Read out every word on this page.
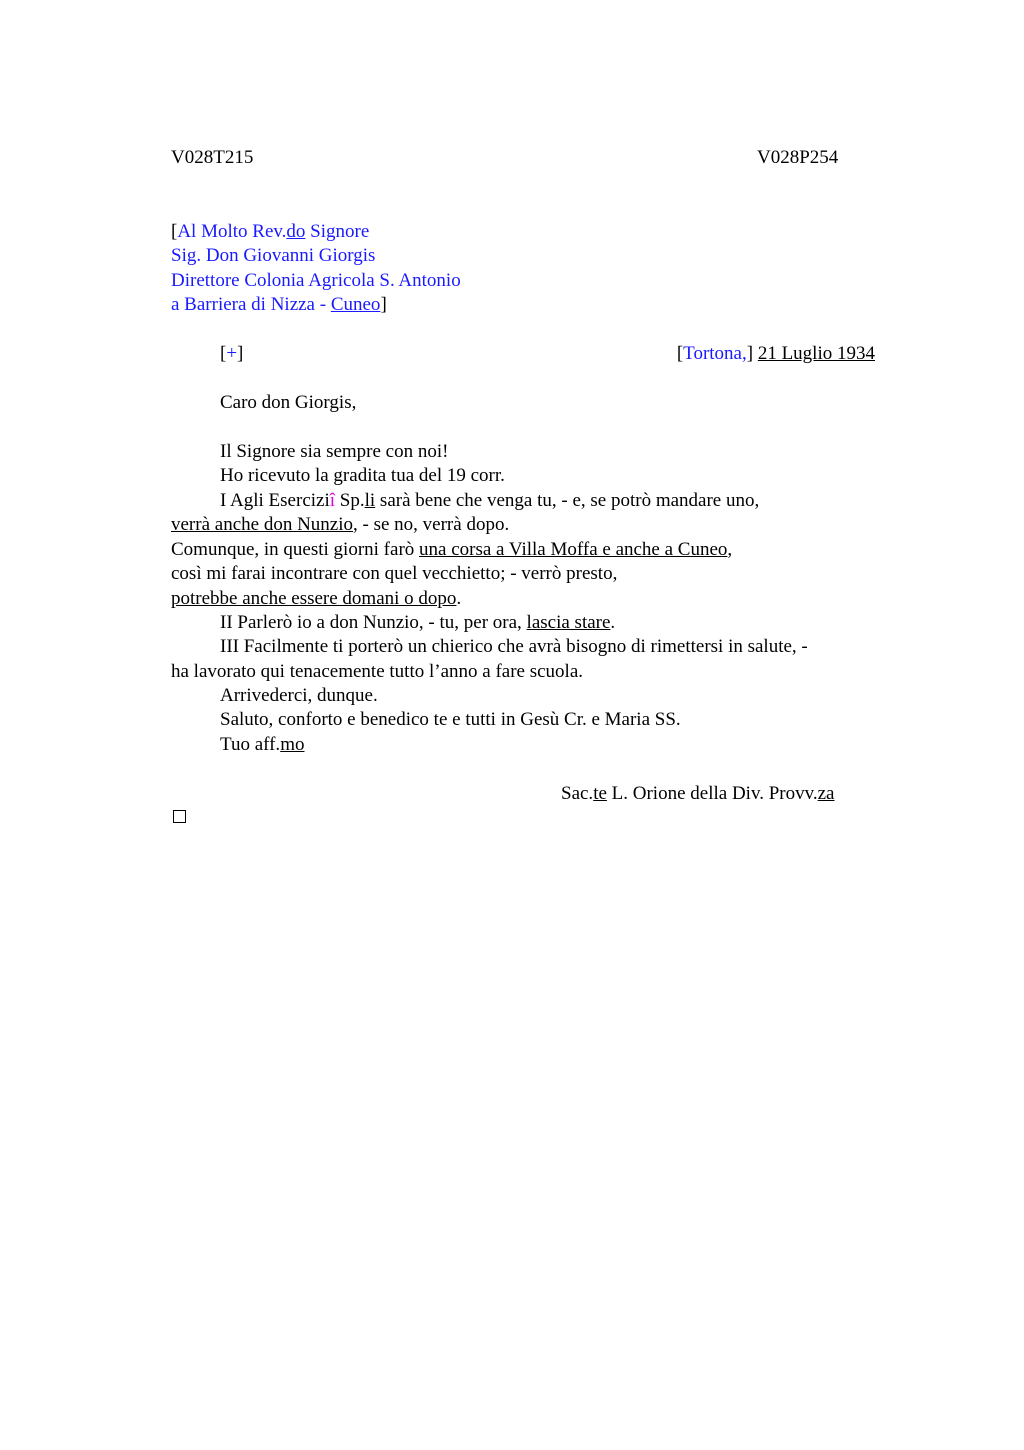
V028T215	V028P254
[Al Molto Rev.do Signore
Sig. Don Giovanni Giorgis
Direttore Colonia Agricola S. Antonio
a Barriera di Nizza - Cuneo]
[+]	[Tortona,] 21 Luglio 1934
Caro don Giorgis,
Il Signore sia sempre con noi!
Ho ricevuto la gradita tua del 19 corr.
I Agli Eserciziî Sp.li sarà bene che venga tu, - e, se potrò mandare uno,
verrà anche don Nunzio, - se no, verrà dopo.
Comunque, in questi giorni farò una corsa a Villa Moffa e anche a Cuneo,
così mi farai incontrare con quel vecchietto; - verrò presto,
potrebbe anche essere domani o dopo.
II Parlerò io a don Nunzio, - tu, per ora, lascia stare.
III Facilmente ti porterò un chierico che avrà bisogno di rimettersi in salute, -
ha lavorato qui tenacemente tutto l’anno a fare scuola.
Arrivederci, dunque.
Saluto, conforto e benedico te e tutti in Gesù Cr. e Maria SS.
Tuo aff.mo
Sac.te L. Orione della Div. Provv.za
